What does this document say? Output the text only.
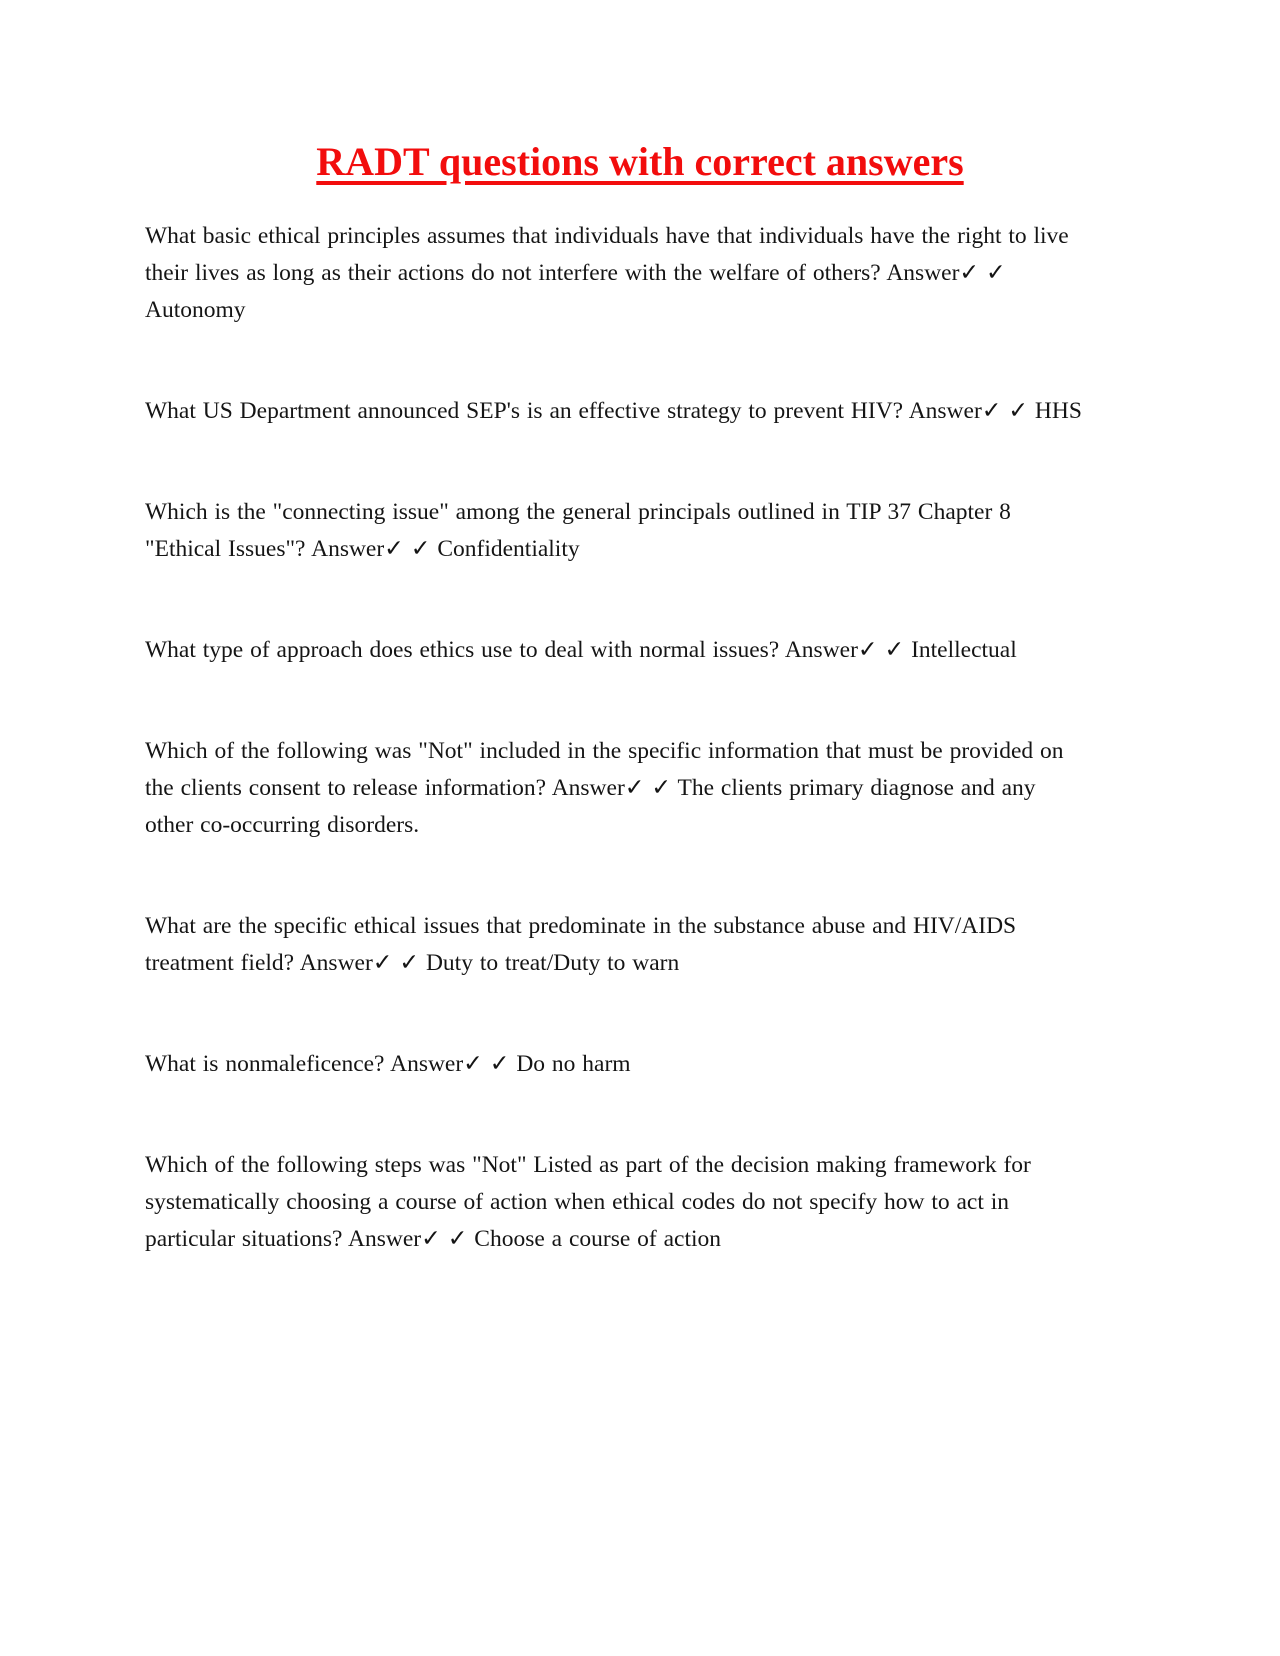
RADT questions with correct answers

What basic ethical principles assumes that individuals have that individuals have the right to live their lives as long as their actions do not interfere with the welfare of others? Answer✓ ✓ Autonomy

What US Department announced SEP's is an effective strategy to prevent HIV? Answer✓ ✓ HHS

Which is the "connecting issue" among the general principals outlined in TIP 37 Chapter 8 "Ethical Issues"? Answer✓ ✓ Confidentiality

What type of approach does ethics use to deal with normal issues? Answer✓ ✓ Intellectual

Which of the following was "Not" included in the specific information that must be provided on the clients consent to release information? Answer✓ ✓ The clients primary diagnose and any other co-occurring disorders.

What are the specific ethical issues that predominate in the substance abuse and HIV/AIDS treatment field? Answer✓ ✓ Duty to treat/Duty to warn

What is nonmaleficence? Answer✓ ✓ Do no harm

Which of the following steps was "Not" Listed as part of the decision making framework for systematically choosing a course of action when ethical codes do not specify how to act in particular situations? Answer✓ ✓ Choose a course of action
